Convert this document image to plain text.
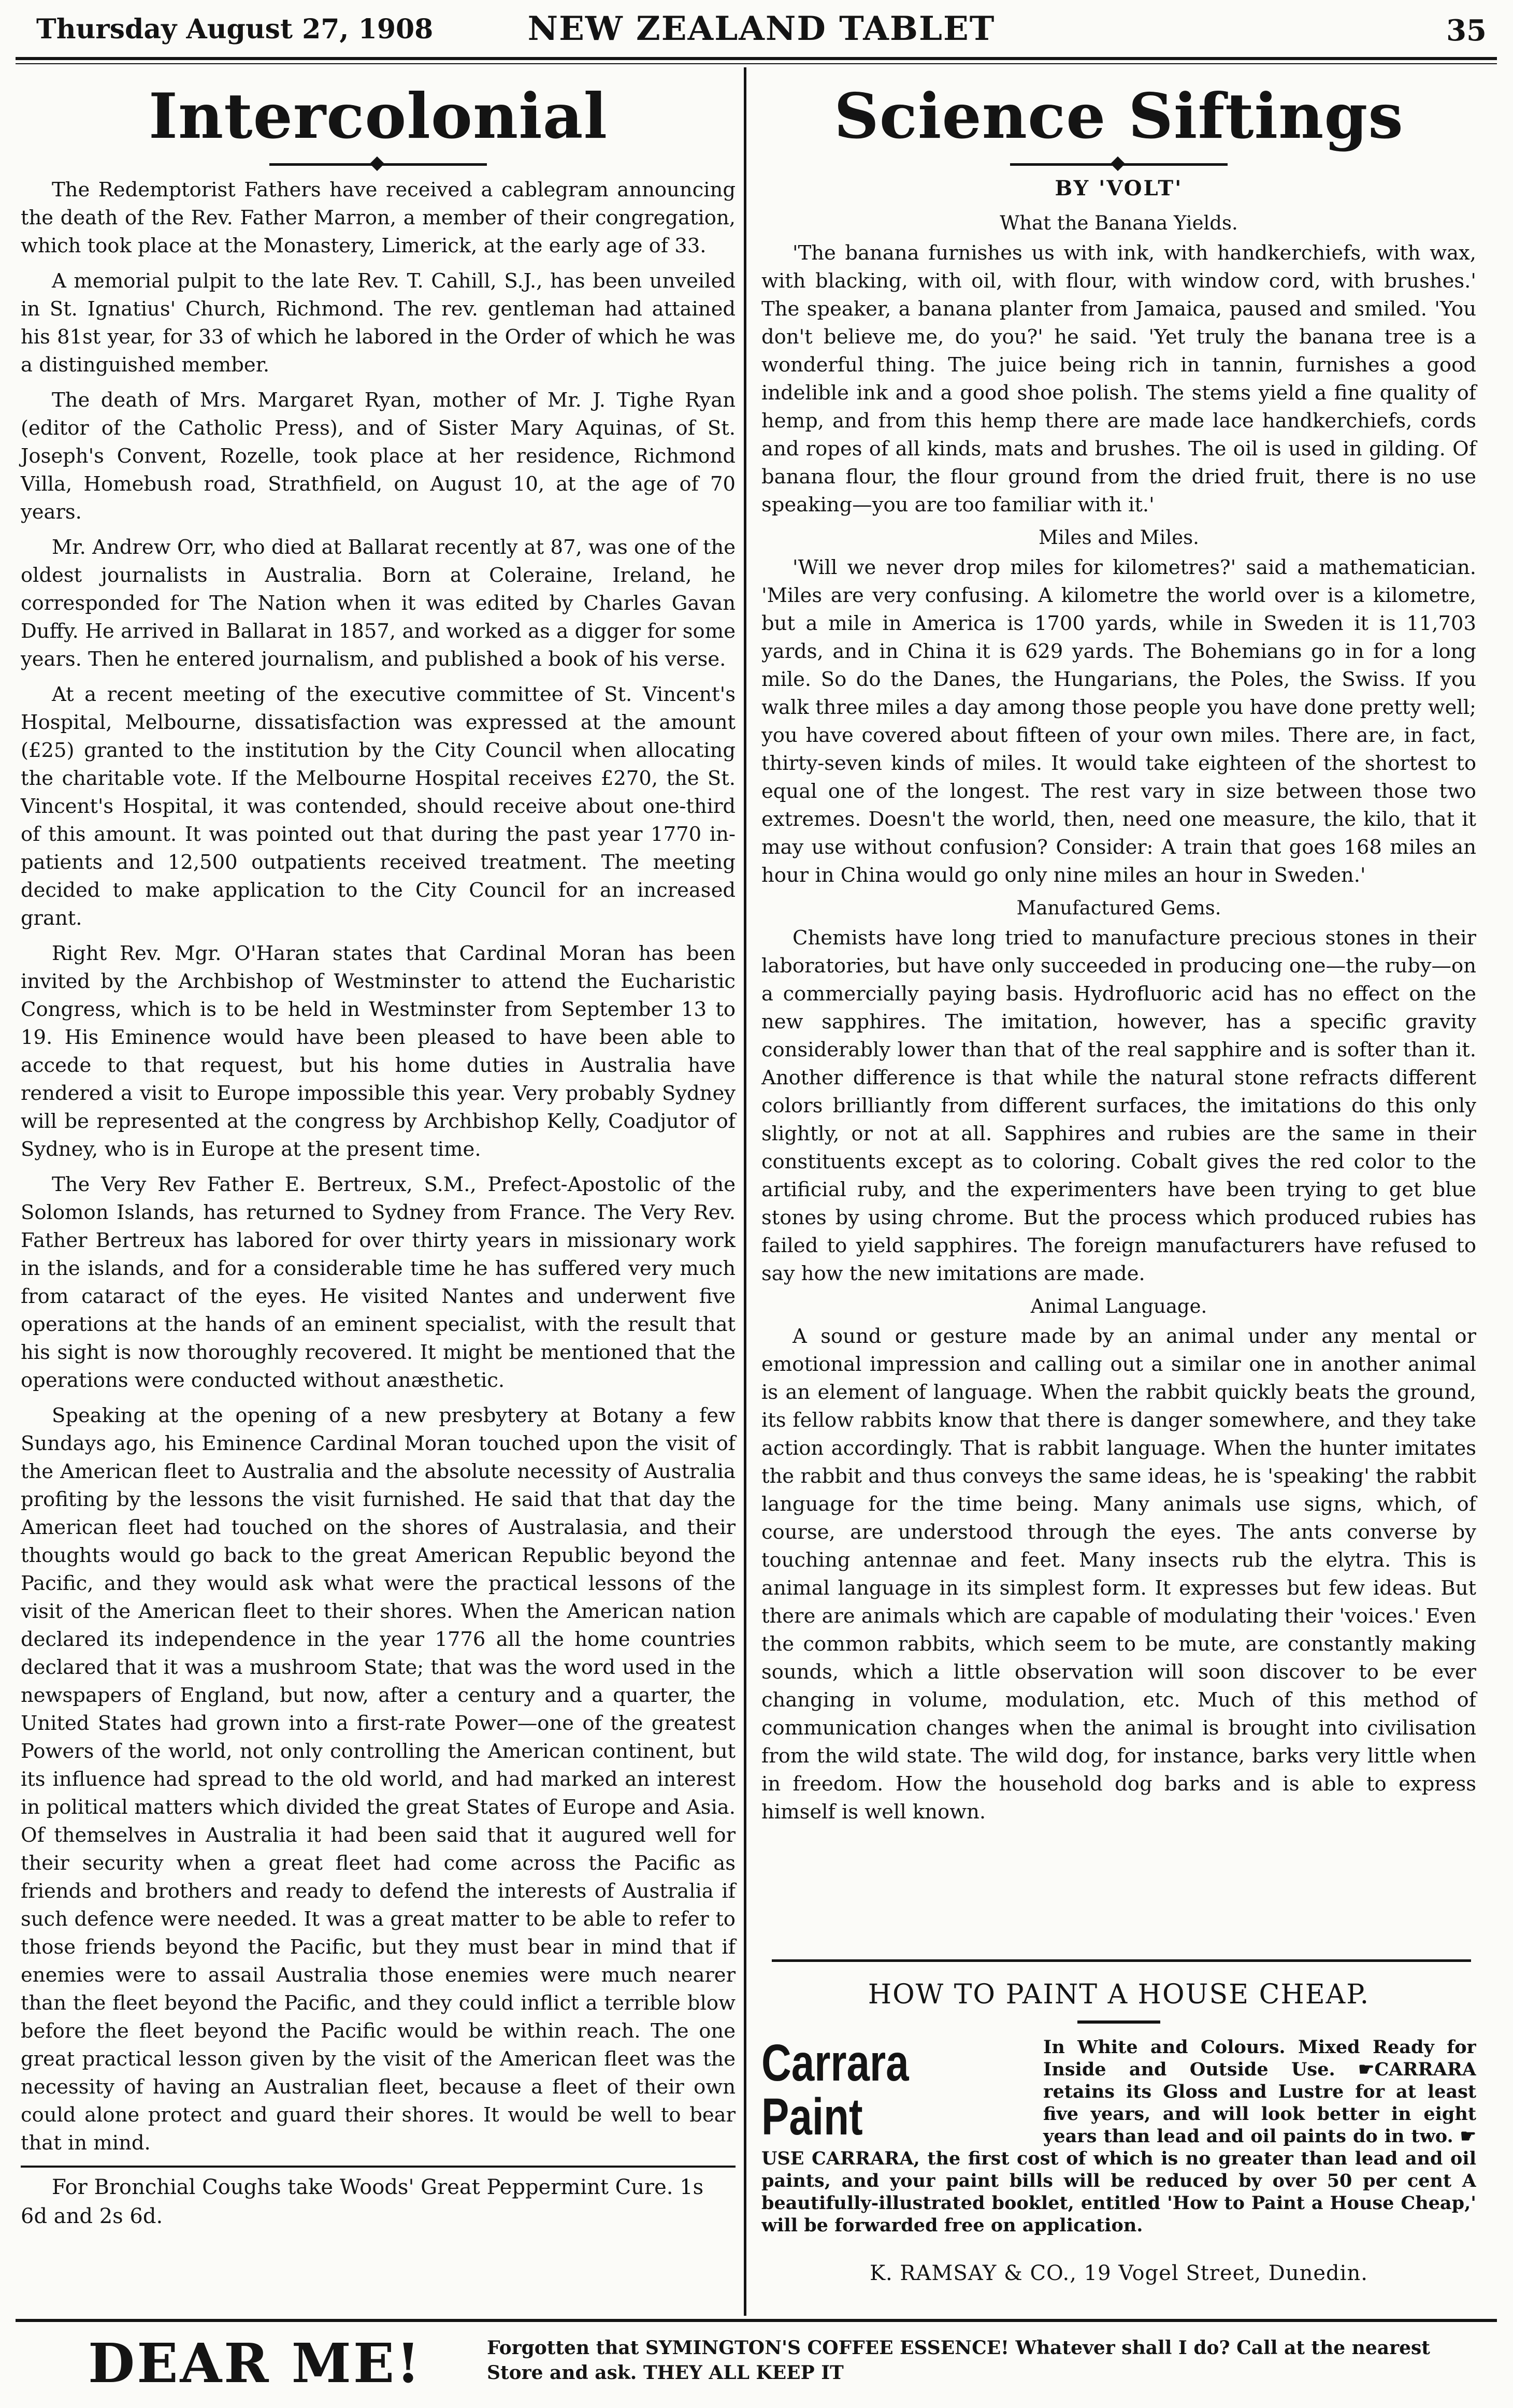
Thursday August 27, 1908	NEW ZEALAND TABLET	35
Intercolonial

The Redemptorist Fathers have received a cablegram announcing the death of the Rev. Father Marron, a member of their congregation, which took place at the Monastery, Limerick, at the early age of 33.

A memorial pulpit to the late Rev. T. Cahill, S.J., has been unveiled in St. Ignatius' Church, Richmond. The rev. gentleman had attained his 81st year, for 33 of which he labored in the Order of which he was a distinguished member.

The death of Mrs. Margaret Ryan, mother of Mr. J. Tighe Ryan (editor of the Catholic Press), and of Sister Mary Aquinas, of St. Joseph's Convent, Rozelle, took place at her residence, Richmond Villa, Homebush road, Strathfield, on August 10, at the age of 70 years.

Mr. Andrew Orr, who died at Ballarat recently at 87, was one of the oldest journalists in Australia. Born at Coleraine, Ireland, he corresponded for The Nation when it was edited by Charles Gavan Duffy. He arrived in Ballarat in 1857, and worked as a digger for some years. Then he entered journalism, and published a book of his verse.

At a recent meeting of the executive committee of St. Vincent's Hospital, Melbourne, dissatisfaction was expressed at the amount (£25) granted to the institution by the City Council when allocating the charitable vote. If the Melbourne Hospital receives £270, the St. Vincent's Hospital, it was contended, should receive about one-third of this amount. It was pointed out that during the past year 1770 in-patients and 12,500 outpatients received treatment. The meeting decided to make application to the City Council for an increased grant.

Right Rev. Mgr. O'Haran states that Cardinal Moran has been invited by the Archbishop of Westminster to attend the Eucharistic Congress, which is to be held in Westminster from September 13 to 19. His Eminence would have been pleased to have been able to accede to that request, but his home duties in Australia have rendered a visit to Europe impossible this year. Very probably Sydney will be represented at the congress by Archbishop Kelly, Coadjutor of Sydney, who is in Europe at the present time.

The Very Rev Father E. Bertreux, S.M., Prefect-Apostolic of the Solomon Islands, has returned to Sydney from France. The Very Rev. Father Bertreux has labored for over thirty years in missionary work in the islands, and for a considerable time he has suffered very much from cataract of the eyes. He visited Nantes and underwent five operations at the hands of an eminent specialist, with the result that his sight is now thoroughly recovered. It might be mentioned that the operations were conducted without anæsthetic.

Speaking at the opening of a new presbytery at Botany a few Sundays ago, his Eminence Cardinal Moran touched upon the visit of the American fleet to Australia and the absolute necessity of Australia profiting by the lessons the visit furnished. He said that that day the American fleet had touched on the shores of Australasia, and their thoughts would go back to the great American Republic beyond the Pacific, and they would ask what were the practical lessons of the visit of the American fleet to their shores. When the American nation declared its independence in the year 1776 all the home countries declared that it was a mushroom State; that was the word used in the newspapers of England, but now, after a century and a quarter, the United States had grown into a first-rate Power—one of the greatest Powers of the world, not only controlling the American continent, but its influence had spread to the old world, and had marked an interest in political matters which divided the great States of Europe and Asia. Of themselves in Australia it had been said that it augured well for their security when a great fleet had come across the Pacific as friends and brothers and ready to defend the interests of Australia if such defence were needed. It was a great matter to be able to refer to those friends beyond the Pacific, but they must bear in mind that if enemies were to assail Australia those enemies were much nearer than the fleet beyond the Pacific, and they could inflict a terrible blow before the fleet beyond the Pacific would be within reach. The one great practical lesson given by the visit of the American fleet was the necessity of having an Australian fleet, because a fleet of their own could alone protect and guard their shores. It would be well to bear that in mind.

For Bronchial Coughs take Woods' Great Peppermint Cure. 1s 6d and 2s 6d.
Science Siftings
BY 'VOLT'
What the Banana Yields.

'The banana furnishes us with ink, with handkerchiefs, with wax, with blacking, with oil, with flour, with window cord, with brushes.' The speaker, a banana planter from Jamaica, paused and smiled. 'You don't believe me, do you?' he said. 'Yet truly the banana tree is a wonderful thing. The juice being rich in tannin, furnishes a good indelible ink and a good shoe polish. The stems yield a fine quality of hemp, and from this hemp there are made lace handkerchiefs, cords and ropes of all kinds, mats and brushes. The oil is used in gilding. Of banana flour, the flour ground from the dried fruit, there is no use speaking—you are too familiar with it.'

Miles and Miles.

'Will we never drop miles for kilometres?' said a mathematician. 'Miles are very confusing. A kilometre the world over is a kilometre, but a mile in America is 1700 yards, while in Sweden it is 11,703 yards, and in China it is 629 yards. The Bohemians go in for a long mile. So do the Danes, the Hungarians, the Poles, the Swiss. If you walk three miles a day among those people you have done pretty well; you have covered about fifteen of your own miles. There are, in fact, thirty-seven kinds of miles. It would take eighteen of the shortest to equal one of the longest. The rest vary in size between those two extremes. Doesn't the world, then, need one measure, the kilo, that it may use without confusion? Consider: A train that goes 168 miles an hour in China would go only nine miles an hour in Sweden.'

Manufactured Gems.

Chemists have long tried to manufacture precious stones in their laboratories, but have only succeeded in producing one—the ruby—on a commercially paying basis. Hydrofluoric acid has no effect on the new sapphires. The imitation, however, has a specific gravity considerably lower than that of the real sapphire and is softer than it. Another difference is that while the natural stone refracts different colors brilliantly from different surfaces, the imitations do this only slightly, or not at all. Sapphires and rubies are the same in their constituents except as to coloring. Cobalt gives the red color to the artificial ruby, and the experimenters have been trying to get blue stones by using chrome. But the process which produced rubies has failed to yield sapphires. The foreign manufacturers have refused to say how the new imitations are made.

Animal Language.

A sound or gesture made by an animal under any mental or emotional impression and calling out a similar one in another animal is an element of language. When the rabbit quickly beats the ground, its fellow rabbits know that there is danger somewhere, and they take action accordingly. That is rabbit language. When the hunter imitates the rabbit and thus conveys the same ideas, he is 'speaking' the rabbit language for the time being. Many animals use signs, which, of course, are understood through the eyes. The ants converse by touching antennae and feet. Many insects rub the elytra. This is animal language in its simplest form. It expresses but few ideas. But there are animals which are capable of modulating their 'voices.' Even the common rabbits, which seem to be mute, are constantly making sounds, which a little observation will soon discover to be ever changing in volume, modulation, etc. Much of this method of communication changes when the animal is brought into civilisation from the wild state. The wild dog, for instance, barks very little when in freedom. How the household dog barks and is able to express himself is well known.

HOW TO PAINT A HOUSE CHEAP.
Carrara Paint
In White and Colours. Mixed Ready for Inside and Outside Use. ☛CARRARA retains its Gloss and Lustre for at least five years, and will look better in eight years than lead and oil paints do in two. ☛USE CARRARA, the first cost of which is no greater than lead and oil paints, and your paint bills will be reduced by over 50 per cent A beautifully-illustrated booklet, entitled 'How to Paint a House Cheap,' will be forwarded free on application.
K. RAMSAY & CO., 19 Vogel Street, Dunedin.
DEAR ME!	Forgotten that SYMINGTON'S COFFEE ESSENCE! Whatever shall I do? Call at the nearest Store and ask. THEY ALL KEEP IT
